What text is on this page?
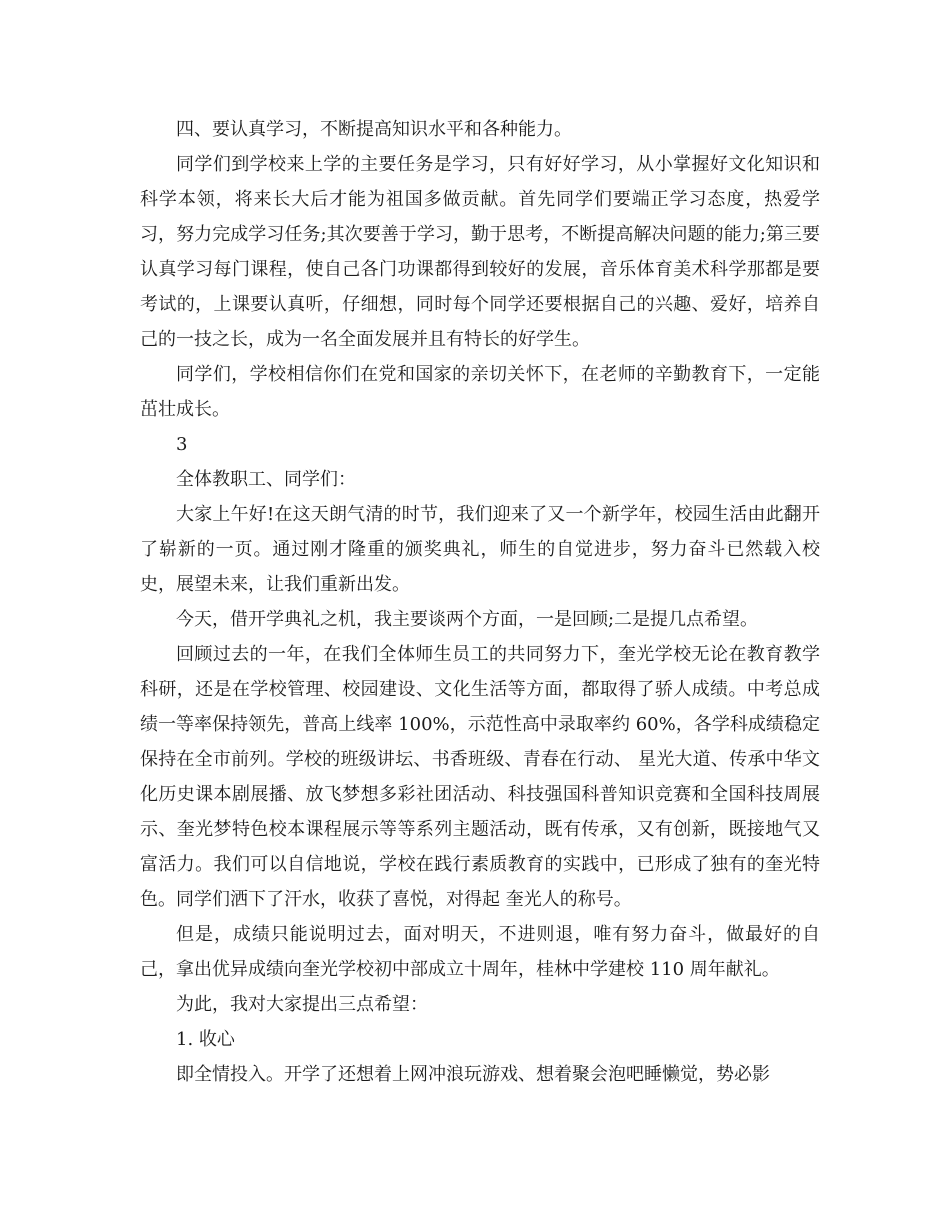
四、要认真学习，不断提高知识水平和各种能力。

同学们到学校来上学的主要任务是学习，只有好好学习，从小掌握好文化知识和科学本领，将来长大后才能为祖国多做贡献。首先同学们要端正学习态度，热爱学习，努力完成学习任务;其次要善于学习，勤于思考，不断提高解决问题的能力;第三要认真学习每门课程，使自己各门功课都得到较好的发展，音乐体育美术科学那都是要考试的，上课要认真听，仔细想，同时每个同学还要根据自己的兴趣、爱好，培养自己的一技之长，成为一名全面发展并且有特长的好学生。

同学们，学校相信你们在党和国家的亲切关怀下，在老师的辛勤教育下，一定能茁壮成长。

3

全体教职工、同学们：

大家上午好!在这天朗气清的时节，我们迎来了又一个新学年，校园生活由此翻开了崭新的一页。通过刚才隆重的颁奖典礼，师生的自觉进步，努力奋斗已然载入校史，展望未来，让我们重新出发。

今天，借开学典礼之机，我主要谈两个方面，一是回顾;二是提几点希望。

回顾过去的一年，在我们全体师生员工的共同努力下，奎光学校无论在教育教学科研，还是在学校管理、校园建设、文化生活等方面，都取得了骄人成绩。中考总成绩一等率保持领先，普高上线率 100%，示范性高中录取率约 60%，各学科成绩稳定保持在全市前列。学校的班级讲坛、书香班级、青春在行动、 星光大道、传承中华文化历史课本剧展播、放飞梦想多彩社团活动、科技强国科普知识竞赛和全国科技周展示、奎光梦特色校本课程展示等等系列主题活动，既有传承，又有创新，既接地气又富活力。我们可以自信地说，学校在践行素质教育的实践中，已形成了独有的奎光特色。同学们洒下了汗水，收获了喜悦，对得起 奎光人的称号。

但是，成绩只能说明过去，面对明天，不进则退，唯有努力奋斗，做最好的自己，拿出优异成绩向奎光学校初中部成立十周年，桂林中学建校 110 周年献礼。

为此，我对大家提出三点希望：

1. 收心

即全情投入。开学了还想着上网冲浪玩游戏、想着聚会泡吧睡懒觉，势必影
